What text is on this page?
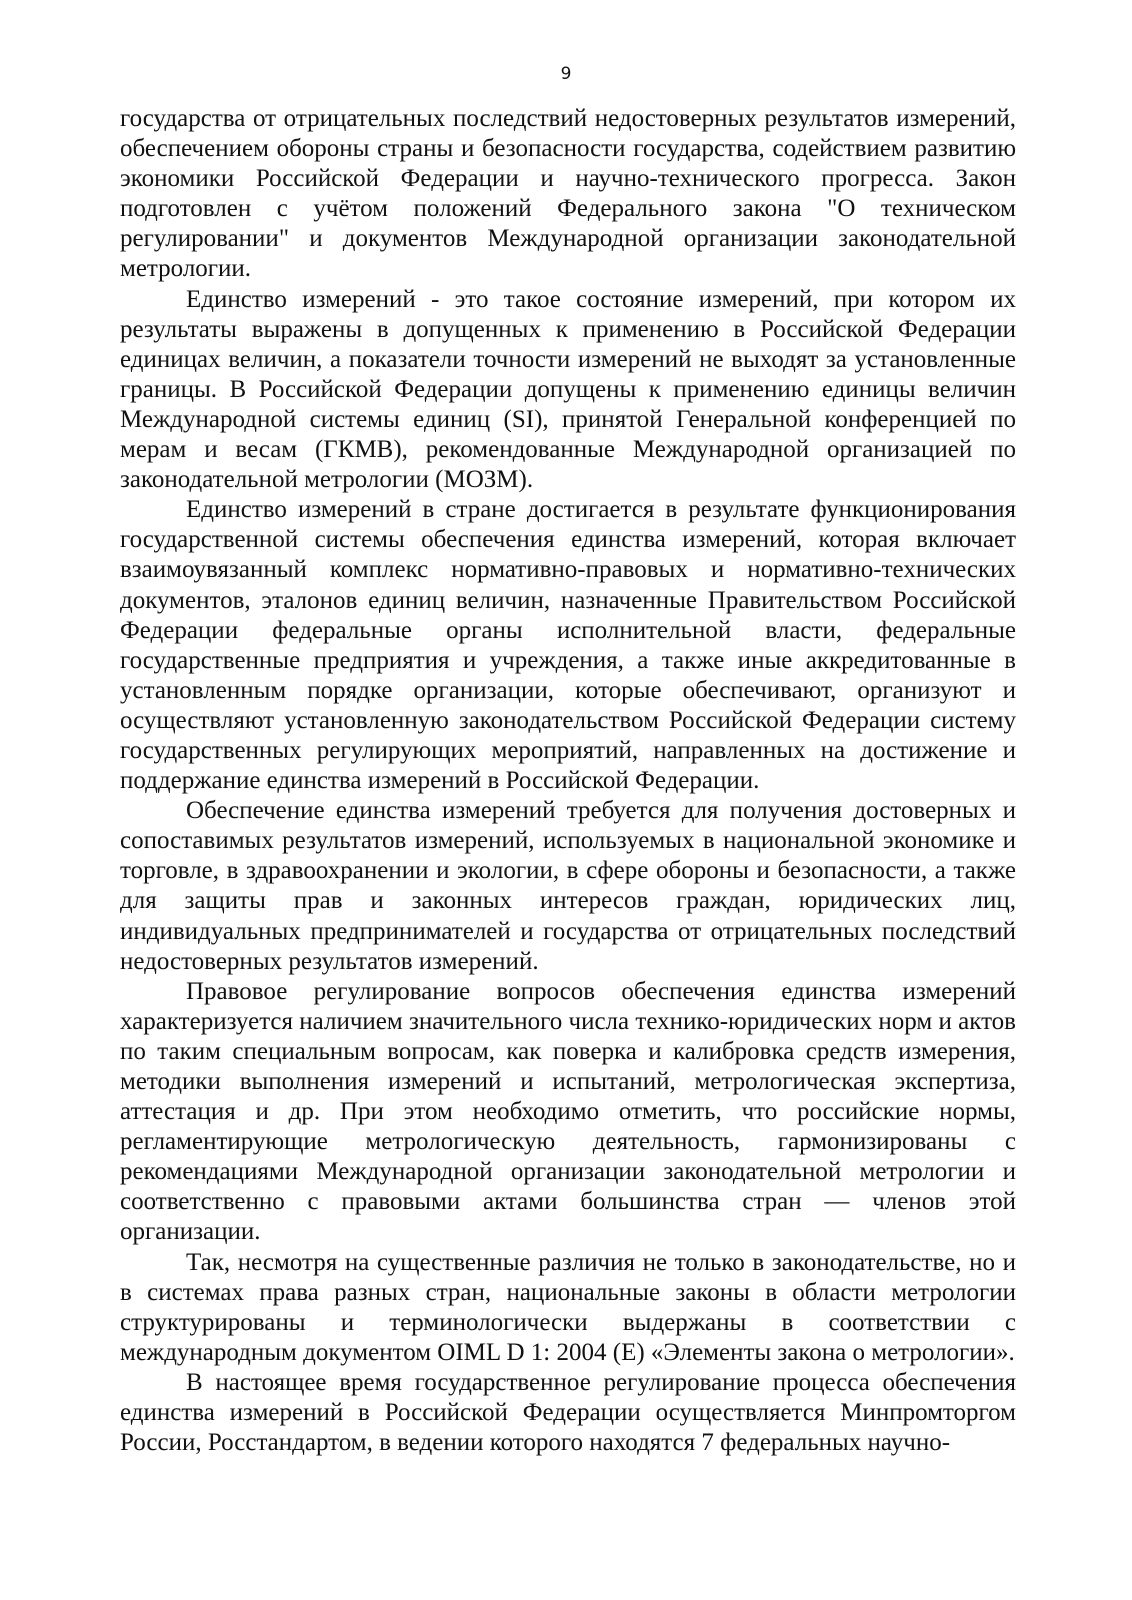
9

государства от отрицательных последствий недостоверных результатов измерений, обеспечением обороны страны и безопасности государства, содействием развитию экономики Российской Федерации и научно-технического прогресса. Закон подготовлен с учётом положений Федерального закона "О техническом регулировании" и документов Международной организации законодательной метрологии.

Единство измерений - это такое состояние измерений, при котором их результаты выражены в допущенных к применению в Российской Федерации единицах величин, а показатели точности измерений не выходят за установленные границы. В Российской Федерации допущены к применению единицы величин Международной системы единиц (SI), принятой Генеральной конференцией по мерам и весам (ГКМВ), рекомендованные Международной организацией по законодательной метрологии (МОЗМ).

Единство измерений в стране достигается в результате функционирования государственной системы обеспечения единства измерений, которая включает взаимоувязанный комплекс нормативно-правовых и нормативно-технических документов, эталонов единиц величин, назначенные Правительством Российской Федерации федеральные органы исполнительной власти, федеральные государственные предприятия и учреждения, а также иные аккредитованные в установленным порядке организации, которые обеспечивают, организуют и осуществляют установленную законодательством Российской Федерации систему государственных регулирующих мероприятий, направленных на достижение и поддержание единства измерений в Российской Федерации.

Обеспечение единства измерений требуется для получения достоверных и сопоставимых результатов измерений, используемых в национальной экономике и торговле, в здравоохранении и экологии, в сфере обороны и безопасности, а также для защиты прав и законных интересов граждан, юридических лиц, индивидуальных предпринимателей и государства от отрицательных последствий недостоверных результатов измерений.

Правовое регулирование вопросов обеспечения единства измерений характеризуется наличием значительного числа технико-юридических норм и актов по таким специальным вопросам, как поверка и калибровка средств измерения, методики выполнения измерений и испытаний, метрологическая экспертиза, аттестация и др. При этом необходимо отметить, что российские нормы, регламентирующие метрологическую деятельность, гармонизированы с рекомендациями Международной организации законодательной метрологии и соответственно с правовыми актами большинства стран — членов этой организации.

Так, несмотря на существенные различия не только в законодательстве, но и в системах права разных стран, национальные законы в области метрологии структурированы и терминологически выдержаны в соответствии с международным документом OIML D 1: 2004 (E) «Элементы закона о метрологии».

В настоящее время государственное регулирование процесса обеспечения единства измерений в Российской Федерации осуществляется Минпромторгом России, Росстандартом, в ведении которого находятся 7 федеральных научно-
